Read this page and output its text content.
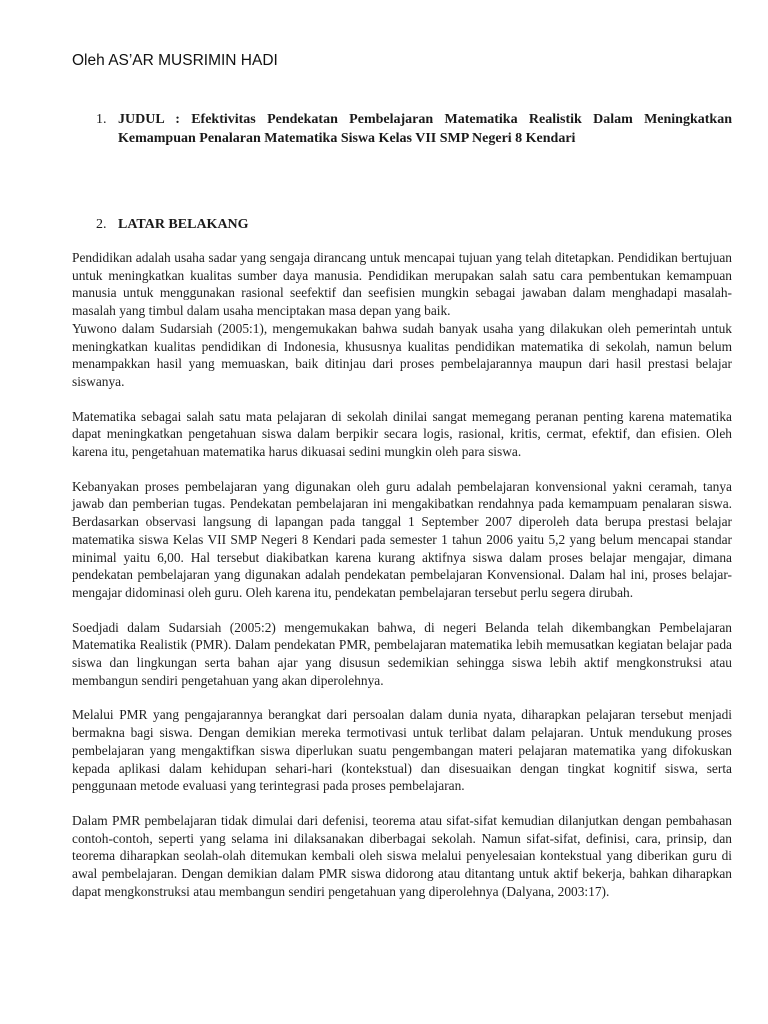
Oleh AS’AR MUSRIMIN HADI
1. JUDUL : Efektivitas Pendekatan Pembelajaran Matematika Realistik Dalam Meningkatkan Kemampuan Penalaran Matematika Siswa Kelas VII SMP Negeri 8 Kendari
2. LATAR BELAKANG

Pendidikan adalah usaha sadar yang sengaja dirancang untuk mencapai tujuan yang telah ditetapkan. Pendidikan bertujuan untuk meningkatkan kualitas sumber daya manusia. Pendidikan merupakan salah satu cara pembentukan kemampuan manusia untuk menggunakan rasional seefektif dan seefisien mungkin sebagai jawaban dalam menghadapi masalah-masalah yang timbul dalam usaha menciptakan masa depan yang baik.

Yuwono dalam Sudarsiah (2005:1), mengemukakan bahwa sudah banyak usaha yang dilakukan oleh pemerintah untuk meningkatkan kualitas pendidikan di Indonesia, khususnya kualitas pendidikan matematika di sekolah, namun belum menampakkan hasil yang memuaskan, baik ditinjau dari proses pembelajarannya maupun dari hasil prestasi belajar siswanya.

Matematika sebagai salah satu mata pelajaran di sekolah dinilai sangat memegang peranan penting karena matematika dapat meningkatkan pengetahuan siswa dalam berpikir secara logis, rasional, kritis, cermat, efektif, dan efisien. Oleh karena itu, pengetahuan matematika harus dikuasai sedini mungkin oleh para siswa.

Kebanyakan proses pembelajaran yang digunakan oleh guru adalah pembelajaran konvensional yakni ceramah, tanya jawab dan pemberian tugas. Pendekatan pembelajaran ini mengakibatkan rendahnya pada kemampuam penalaran siswa. Berdasarkan observasi langsung di lapangan pada tanggal 1 September 2007 diperoleh data berupa prestasi belajar matematika siswa Kelas VII SMP Negeri 8 Kendari pada semester 1 tahun 2006 yaitu 5,2 yang belum mencapai standar minimal yaitu 6,00. Hal tersebut diakibatkan karena kurang aktifnya siswa dalam proses belajar mengajar, dimana pendekatan pembelajaran yang digunakan adalah pendekatan pembelajaran Konvensional. Dalam hal ini, proses belajar-mengajar didominasi oleh guru. Oleh karena itu, pendekatan pembelajaran tersebut perlu segera dirubah.

Soedjadi dalam Sudarsiah (2005:2) mengemukakan bahwa, di negeri Belanda telah dikembangkan Pembelajaran Matematika Realistik (PMR). Dalam pendekatan PMR, pembelajaran matematika lebih memusatkan kegiatan belajar pada siswa dan lingkungan serta bahan ajar yang disusun sedemikian sehingga siswa lebih aktif mengkonstruksi atau membangun sendiri pengetahuan yang akan diperolehnya.

Melalui PMR yang pengajarannya berangkat dari persoalan dalam dunia nyata, diharapkan pelajaran tersebut menjadi bermakna bagi siswa. Dengan demikian mereka termotivasi untuk terlibat dalam pelajaran. Untuk mendukung proses pembelajaran yang mengaktifkan siswa diperlukan suatu pengembangan materi pelajaran matematika yang difokuskan kepada aplikasi dalam kehidupan sehari-hari (kontekstual) dan disesuaikan dengan tingkat kognitif siswa, serta penggunaan metode evaluasi yang terintegrasi pada proses pembelajaran.

Dalam PMR pembelajaran tidak dimulai dari defenisi, teorema atau sifat-sifat kemudian dilanjutkan dengan pembahasan contoh-contoh, seperti yang selama ini dilaksanakan diberbagai sekolah. Namun sifat-sifat, definisi, cara, prinsip, dan teorema diharapkan seolah-olah ditemukan kembali oleh siswa melalui penyelesaian kontekstual yang diberikan guru di awal pembelajaran. Dengan demikian dalam PMR siswa didorong atau ditantang untuk aktif bekerja, bahkan diharapkan dapat mengkonstruksi atau membangun sendiri pengetahuan yang diperolehnya (Dalyana, 2003:17).
